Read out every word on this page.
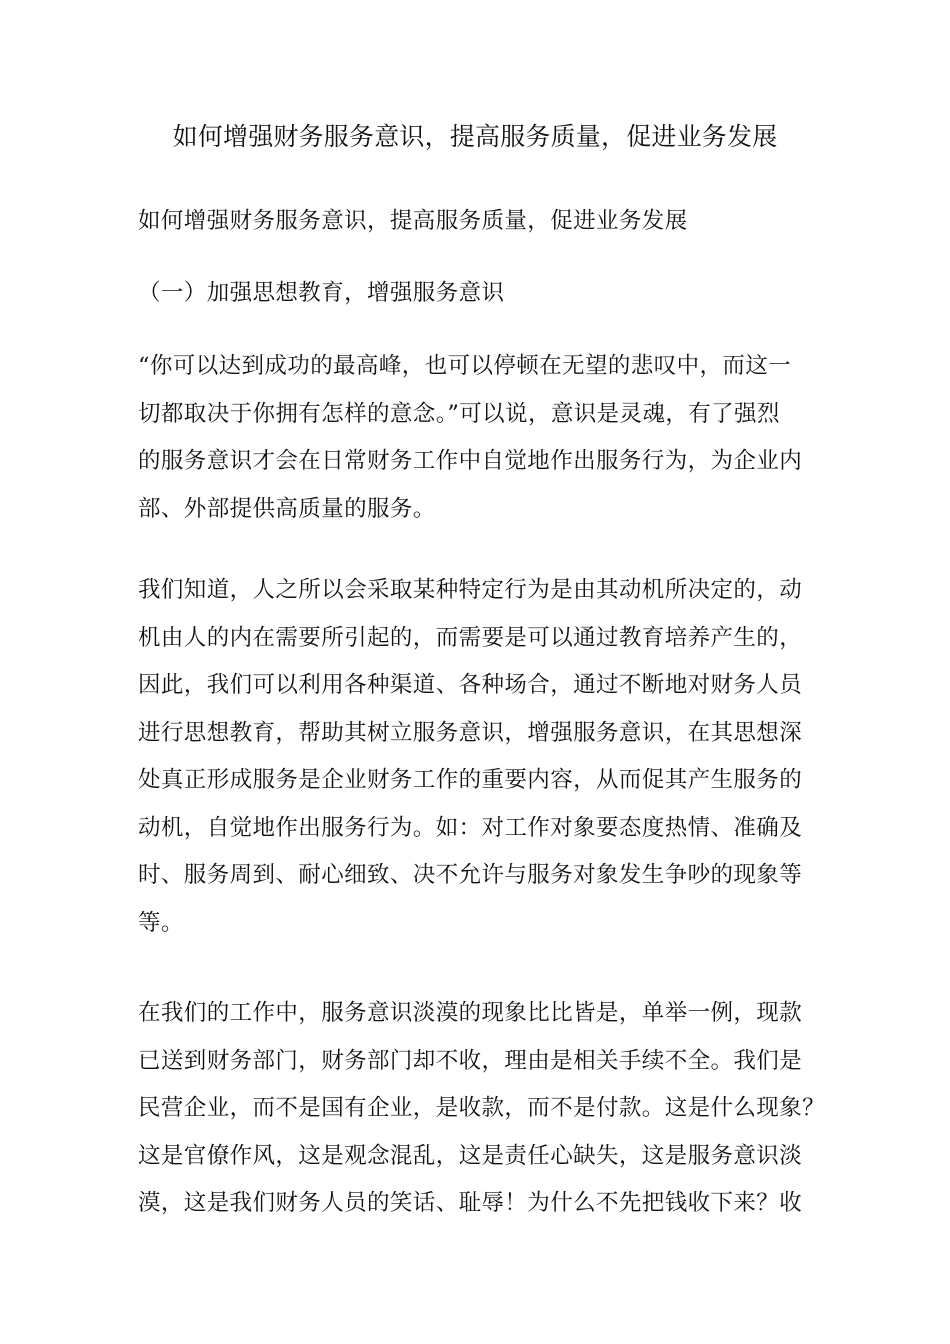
如何增强财务服务意识，提高服务质量，促进业务发展

如何增强财务服务意识，提高服务质量，促进业务发展

（一）加强思想教育，增强服务意识

“你可以达到成功的最高峰，也可以停顿在无望的悲叹中，而这一
切都取决于你拥有怎样的意念。”可以说，意识是灵魂，有了强烈
的服务意识才会在日常财务工作中自觉地作出服务行为，为企业内
部、外部提供高质量的服务。

我们知道，人之所以会采取某种特定行为是由其动机所决定的，动
机由人的内在需要所引起的，而需要是可以通过教育培养产生的，
因此，我们可以利用各种渠道、各种场合，通过不断地对财务人员
进行思想教育，帮助其树立服务意识，增强服务意识，在其思想深
处真正形成服务是企业财务工作的重要内容，从而促其产生服务的
动机，自觉地作出服务行为。如：对工作对象要态度热情、准确及
时、服务周到、耐心细致、决不允许与服务对象发生争吵的现象等
等。

在我们的工作中，服务意识淡漠的现象比比皆是，单举一例，现款
已送到财务部门，财务部门却不收，理由是相关手续不全。我们是
民营企业，而不是国有企业，是收款，而不是付款。这是什么现象？
这是官僚作风，这是观念混乱，这是责任心缺失，这是服务意识淡
漠，这是我们财务人员的笑话、耻辱！为什么不先把钱收下来？收
